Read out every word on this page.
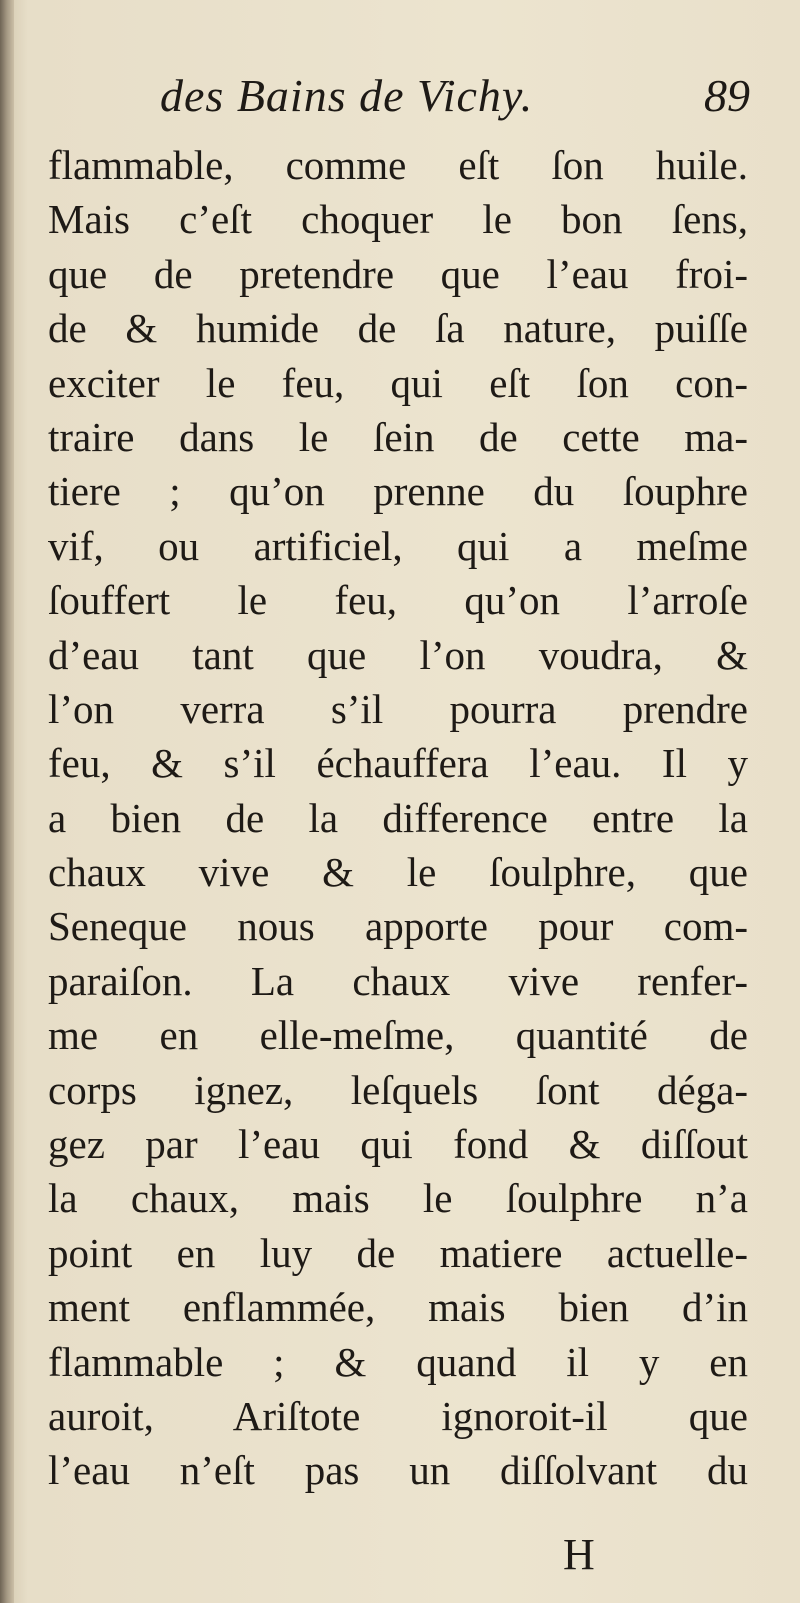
des Bains de Vichy.	89
flammable, comme eſt ſon huile.
Mais c’eſt choquer le bon ſens,
que de pretendre que l’eau froi-
de & humide de ſa nature, puiſſe
exciter le feu, qui eſt ſon con-
traire dans le ſein de cette ma-
tiere ; qu’on prenne du ſouphre
vif, ou artificiel, qui a meſme
ſouffert le feu, qu’on l’arroſe
d’eau tant que l’on voudra, &
l’on verra s’il pourra prendre
feu, & s’il échauffera l’eau. Il y
a bien de la difference entre la
chaux vive & le ſoulphre, que
Seneque nous apporte pour com-
paraiſon. La chaux vive renfer-
me en elle-meſme, quantité de
corps ignez, leſquels ſont déga-
gez par l’eau qui fond & diſſout
la chaux, mais le ſoulphre n’a
point en luy de matiere actuelle-
ment enflammée, mais bien d’in
flammable ; & quand il y en
auroit, Ariſtote ignoroit-il que
l’eau n’eſt pas un diſſolvant du
H
